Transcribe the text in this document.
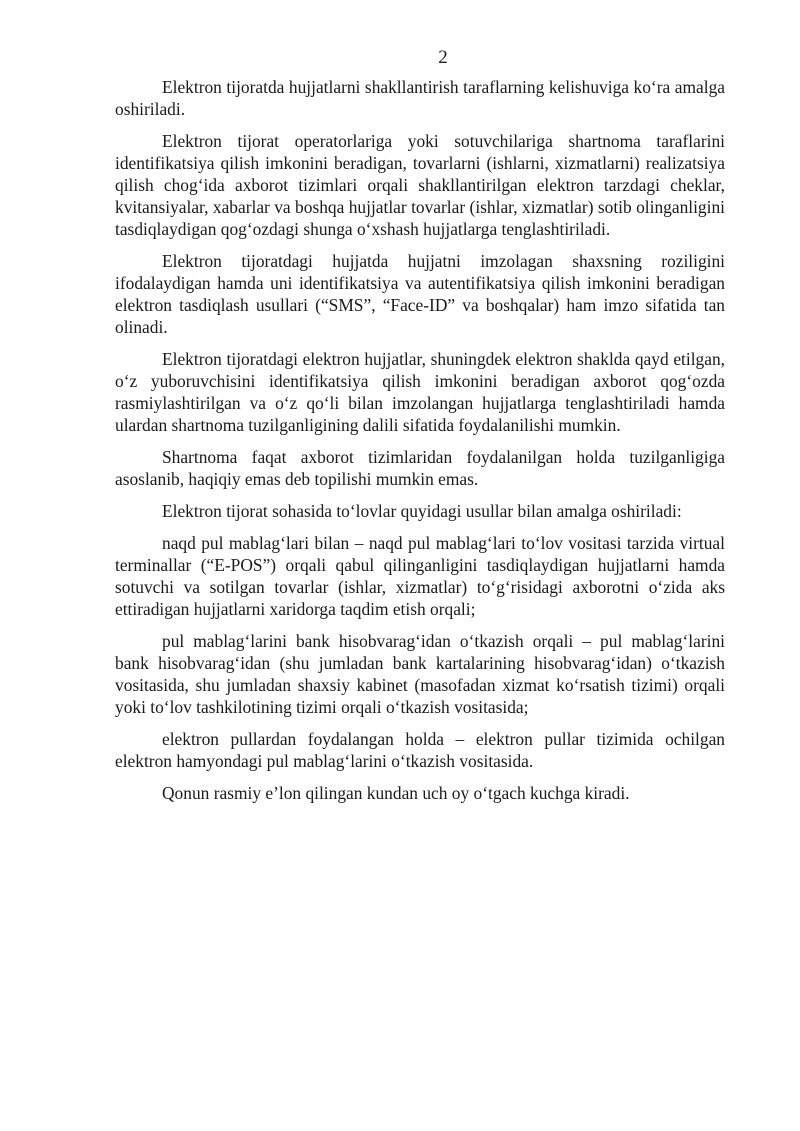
2

Elektron tijoratda hujjatlarni shakllantirish taraflarning kelishuviga ko‘ra amalga oshiriladi.

Elektron tijorat operatorlariga yoki sotuvchilariga shartnoma taraflarini identifikatsiya qilish imkonini beradigan, tovarlarni (ishlarni, xizmatlarni) realizatsiya qilish chog‘ida axborot tizimlari orqali shakllantirilgan elektron tarzdagi cheklar, kvitansiyalar, xabarlar va boshqa hujjatlar tovarlar (ishlar, xizmatlar) sotib olinganligini tasdiqlaydigan qog‘ozdagi shunga o‘xshash hujjatlarga tenglashtiriladi.

Elektron tijoratdagi hujjatda hujjatni imzolagan shaxsning roziligini ifodalaydigan hamda uni identifikatsiya va autentifikatsiya qilish imkonini beradigan elektron tasdiqlash usullari (“SMS”, “Face-ID” va boshqalar) ham imzo sifatida tan olinadi.

Elektron tijoratdagi elektron hujjatlar, shuningdek elektron shaklda qayd etilgan, o‘z yuboruvchisini identifikatsiya qilish imkonini beradigan axborot qog‘ozda rasmiylashtirilgan va o‘z qo‘li bilan imzolangan hujjatlarga tenglashtiriladi hamda ulardan shartnoma tuzilganligining dalili sifatida foydalanilishi mumkin.

Shartnoma faqat axborot tizimlaridan foydalanilgan holda tuzilganligiga asoslanib, haqiqiy emas deb topilishi mumkin emas.

Elektron tijorat sohasida to‘lovlar quyidagi usullar bilan amalga oshiriladi:

naqd pul mablag‘lari bilan – naqd pul mablag‘lari to‘lov vositasi tarzida virtual terminallar (“E-POS”) orqali qabul qilinganligini tasdiqlaydigan hujjatlarni hamda sotuvchi va sotilgan tovarlar (ishlar, xizmatlar) to‘g‘risidagi axborotni o‘zida aks ettiradigan hujjatlarni xaridorga taqdim etish orqali;

pul mablag‘larini bank hisobvarag‘idan o‘tkazish orqali – pul mablag‘larini bank hisobvarag‘idan (shu jumladan bank kartalarining hisobvarag‘idan) o‘tkazish vositasida, shu jumladan shaxsiy kabinet (masofadan xizmat ko‘rsatish tizimi) orqali yoki to‘lov tashkilotining tizimi orqali o‘tkazish vositasida;

elektron pullardan foydalangan holda – elektron pullar tizimida ochilgan elektron hamyondagi pul mablag‘larini o‘tkazish vositasida.

Qonun rasmiy e’lon qilingan kundan uch oy o‘tgach kuchga kiradi.
